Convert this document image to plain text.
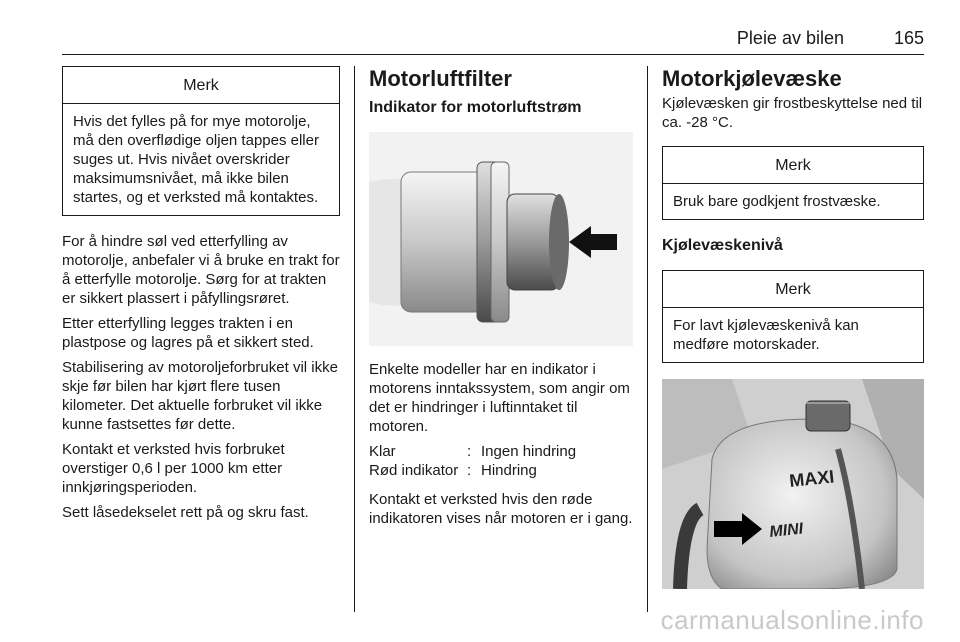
Pleie av bilen	165
Merk
Hvis det fylles på for mye motorolje, må den overflødige oljen tappes eller suges ut. Hvis nivået overskrider maksimumsnivået, må ikke bilen startes, og et verksted må kontaktes.

For å hindre søl ved etterfylling av motorolje, anbefaler vi å bruke en trakt for å etterfylle motorolje. Sørg for at trakten er sikkert plassert i påfyllingsrøret.

Etter etterfylling legges trakten i en plastpose og lagres på et sikkert sted.

Stabilisering av motoroljeforbruket vil ikke skje før bilen har kjørt flere tusen kilometer. Det aktuelle forbruket vil ikke kunne fastsettes før dette.

Kontakt et verksted hvis forbruket overstiger 0,6 l per 1000 km etter innkjøringsperioden.

Sett låsedekselet rett på og skru fast.

Motorluftfilter
Indikator for motorluftstrøm

Enkelte modeller har en indikator i motorens inntakssystem, som angir om det er hindringer i luftinntaket til motoren.

Klar	: Ingen hindring
Rød indikator : Hindring

Kontakt et verksted hvis den røde indikatoren vises når motoren er i gang.

Motorkjølevæske

Kjølevæsken gir frostbeskyttelse ned til ca. -28 °C.

Merk
Bruk bare godkjent frostvæske.
Kjølevæskenivå
Merk
For lavt kjølevæskenivå kan medføre motorskader.
MAXI
MINI
carmanualsonline.info
